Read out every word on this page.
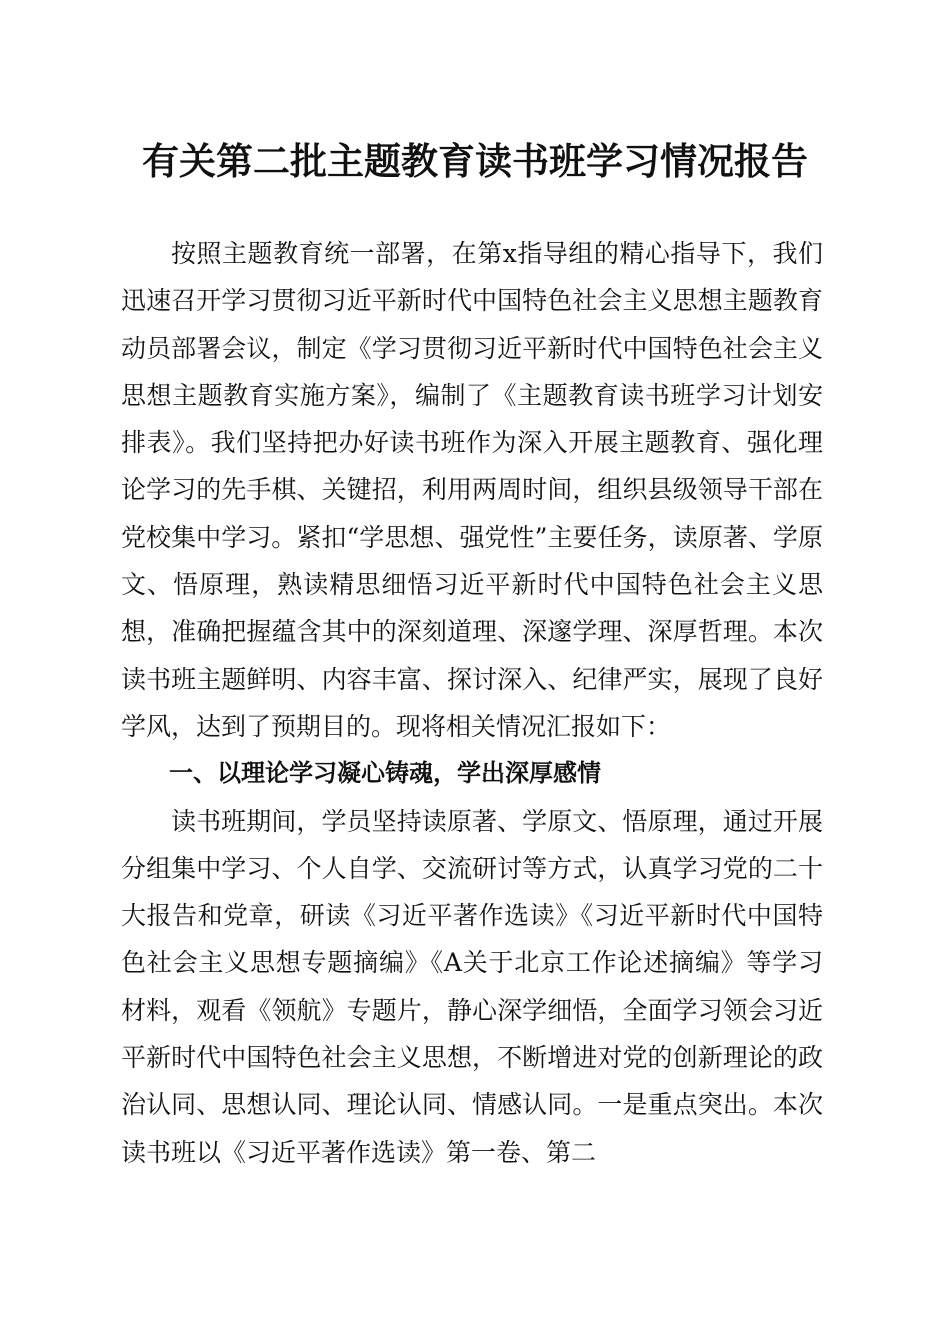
有关第二批主题教育读书班学习情况报告

按照主题教育统一部署，在第x指导组的精心指导下，我们迅速召开学习贯彻习近平新时代中国特色社会主义思想主题教育动员部署会议，制定《学习贯彻习近平新时代中国特色社会主义思想主题教育实施方案》，编制了《主题教育读书班学习计划安排表》。我们坚持把办好读书班作为深入开展主题教育、强化理论学习的先手棋、关键招，利用两周时间，组织县级领导干部在党校集中学习。紧扣“学思想、强党性”主要任务，读原著、学原文、悟原理，熟读精思细悟习近平新时代中国特色社会主义思想，准确把握蕴含其中的深刻道理、深邃学理、深厚哲理。本次读书班主题鲜明、内容丰富、探讨深入、纪律严实，展现了良好学风，达到了预期目的。现将相关情况汇报如下：

一、以理论学习凝心铸魂，学出深厚感情

读书班期间，学员坚持读原著、学原文、悟原理，通过开展分组集中学习、个人自学、交流研讨等方式，认真学习党的二十大报告和党章，研读《习近平著作选读》《习近平新时代中国特色社会主义思想专题摘编》《A关于北京工作论述摘编》等学习材料，观看《领航》专题片，静心深学细悟，全面学习领会习近平新时代中国特色社会主义思想，不断增进对党的创新理论的政治认同、思想认同、理论认同、情感认同。一是重点突出。本次读书班以《习近平著作选读》第一卷、第二
